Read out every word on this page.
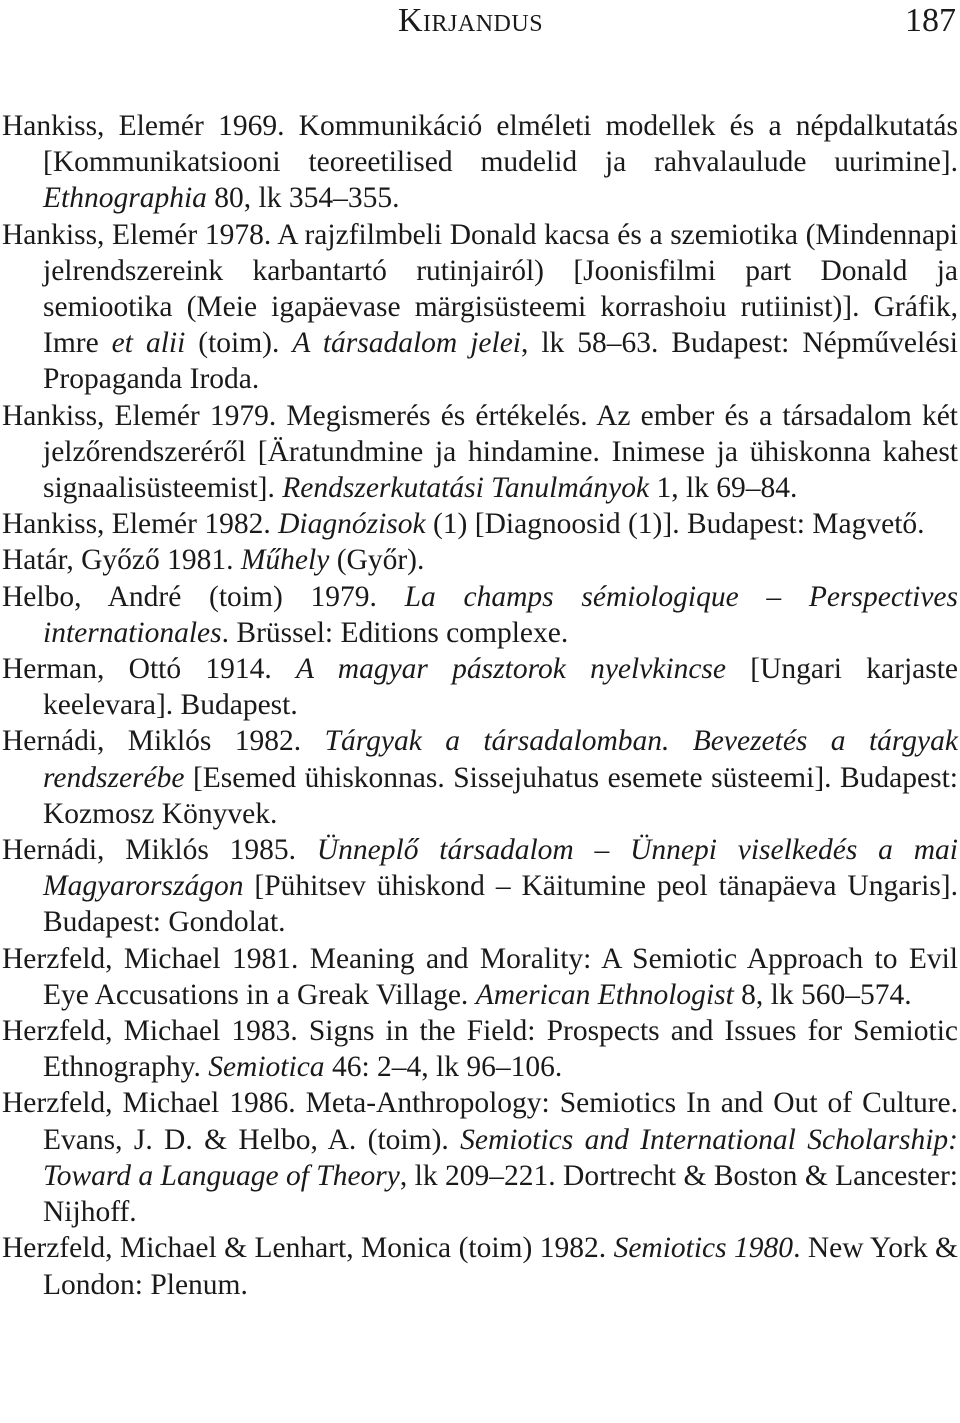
Kirjandus	187
Hankiss, Elemér 1969. Kommunikáció elméleti modellek és a népdalkutatás [Kommunikatsiooni teoreetilised mudelid ja rahvalaulude uurimine]. Ethnographia 80, lk 354–355.
Hankiss, Elemér 1978. A rajzfilmbeli Donald kacsa és a szemiotika (Mindennapi jelrendszereink karbantartó rutinjairól) [Joonisfilmi part Donald ja semiootika (Meie igapäevase märgisüsteemi korrashoiu rutiinist)]. Gráfik, Imre et alii (toim). A társadalom jelei, lk 58–63. Budapest: Népművelési Propaganda Iroda.
Hankiss, Elemér 1979. Megismerés és értékelés. Az ember és a társadalom két jelzőrendszeréről [Äratundmine ja hindamine. Inimese ja ühiskonna kahest signaalisüsteemist]. Rendszerkutatási Tanulmányok 1, lk 69–84.
Hankiss, Elemér 1982. Diagnózisok (1) [Diagnoosid (1)]. Budapest: Magvető.
Határ, Győző 1981. Műhely (Győr).
Helbo, André (toim) 1979. La champs sémiologique – Perspectives internationales. Brüssel: Editions complexe.
Herman, Ottó 1914. A magyar pásztorok nyelvkincse [Ungari karjaste keelevara]. Budapest.
Hernádi, Miklós 1982. Tárgyak a társadalomban. Bevezetés a tárgyak rendszerébe [Esemed ühiskonnas. Sissejuhatus esemete süsteemi]. Budapest: Kozmosz Könyvek.
Hernádi, Miklós 1985. Ünneplő társadalom – Ünnepi viselkedés a mai Magyarországon [Pühitsev ühiskond – Käitumine peol tänapäeva Ungaris]. Budapest: Gondolat.
Herzfeld, Michael 1981. Meaning and Morality: A Semiotic Approach to Evil Eye Accusations in a Greak Village. American Ethnologist 8, lk 560–574.
Herzfeld, Michael 1983. Signs in the Field: Prospects and Issues for Semiotic Ethnography. Semiotica 46: 2–4, lk 96–106.
Herzfeld, Michael 1986. Meta-Anthropology: Semiotics In and Out of Culture. Evans, J. D. & Helbo, A. (toim). Semiotics and International Scholarship: Toward a Language of Theory, lk 209–221. Dortrecht & Boston & Lancester: Nijhoff.
Herzfeld, Michael & Lenhart, Monica (toim) 1982. Semiotics 1980. New York & London: Plenum.
